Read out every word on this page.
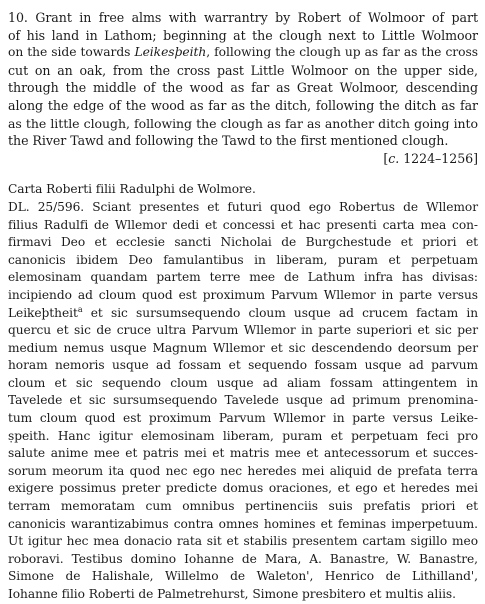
10. Grant in free alms with warrantry by Robert of Wolmoor of part
of his land in Lathom; beginning at the clough next to Little Wolmoor
on the side towards Leikesþeith, following the clough up as far as the cross
cut on an oak, from the cross past Little Wolmoor on the upper side,
through the middle of the wood as far as Great Wolmoor, descending
along the edge of the wood as far as the ditch, following the ditch as far
as the little clough, following the clough as far as another ditch going into
the River Tawd and following the Tawd to the first mentioned clough.
[c. 1224–1256]
Carta Roberti filii Radulphi de Wolmore.
DL. 25/596. Sciant presentes et futuri quod ego Robertus de Wllemor
filius Radulfi de Wllemor dedi et concessi et hac presenti carta mea con-
firmavi Deo et ecclesie sancti Nicholai de Burgchestude et priori et
canonicis ibidem Deo famulantibus in liberam, puram et perpetuam
elemosinam quandam partem terre mee de Lathum infra has divisas:
incipiendo ad cloum quod est proximum Parvum Wllemor in parte versus
Leikeþtheit$^a$ et sic sursumsequendo cloum usque ad crucem factam in
quercu et sic de cruce ultra Parvum Wllemor in parte superiori et sic per
medium nemus usque Magnum Wllemor et sic descendendo deorsum per
horam nemoris usque ad fossam et sequendo fossam usque ad parvum
cloum et sic sequendo cloum usque ad aliam fossam attingentem in
Tavelede et sic sursumsequendo Tavelede usque ad primum prenomina-
tum cloum quod est proximum Parvum Wllemor in parte versus Leike-
ṣpeith. Hanc igitur elemosinam liberam, puram et perpetuam feci pro
salute anime mee et patris mei et matris mee et antecessorum et succes-
sorum meorum ita quod nec ego nec heredes mei aliquid de prefata terra
exigere possimus preter predicte domus oraciones, et ego et heredes mei
terram memoratam cum omnibus pertinenciis suis prefatis priori et
canonicis warantizabimus contra omnes homines et feminas imperpetuum.
Ut igitur hec mea donacio rata sit et stabilis presentem cartam sigillo meo
roboravi. Testibus domino Iohanne de Mara, A. Banastre, W. Banastre,
Simone de Halishale, Willelmo de Waleton', Henrico de Lithilland',
Iohanne filio Roberti de Palmetrehurst, Simone presbitero et multis aliis.
